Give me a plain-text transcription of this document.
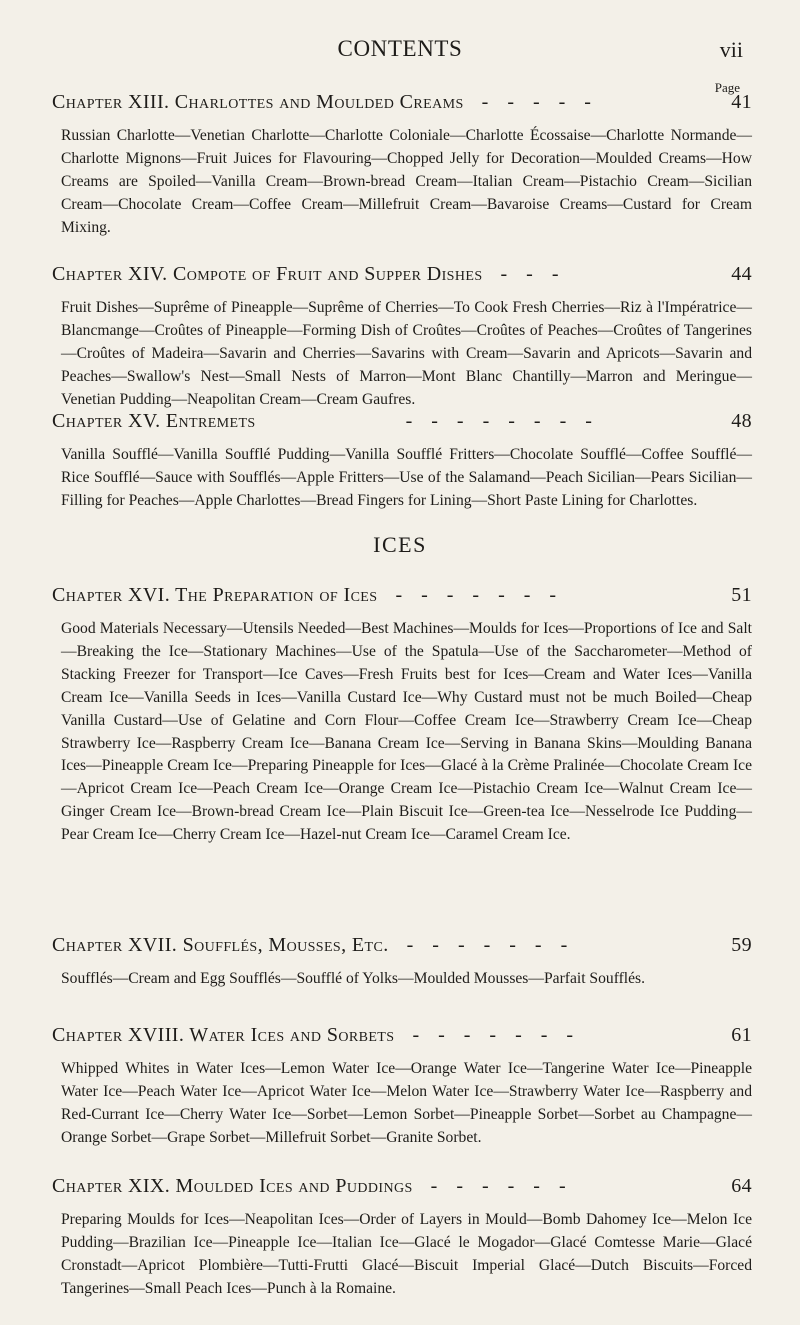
CONTENTS	vii
Page
Chapter XIII. Charlottes and Moulded Creams - - - - -	41
Russian Charlotte—Venetian Charlotte—Charlotte Coloniale—Charlotte Écossaise—Charlotte Normande—Charlotte Mignons—Fruit Juices for Flavouring—Chopped Jelly for Decoration—Moulded Creams—How Creams are Spoiled—Vanilla Cream—Brown-bread Cream—Italian Cream—Pistachio Cream—Sicilian Cream—Chocolate Cream—Coffee Cream—Millefruit Cream—Bavaroise Creams—Custard for Cream Mixing.
Chapter XIV. Compote of Fruit and Supper Dishes - - -	44
Fruit Dishes—Suprême of Pineapple—Suprême of Cherries—To Cook Fresh Cherries—Riz à l'Impératrice—Blancmange—Croûtes of Pineapple—Forming Dish of Croûtes—Croûtes of Peaches—Croûtes of Tangerines—Croûtes of Madeira—Savarin and Cherries—Savarins with Cream—Savarin and Apricots—Savarin and Peaches—Swallow's Nest—Small Nests of Marron—Mont Blanc Chantilly—Marron and Meringue—Venetian Pudding—Neapolitan Cream—Cream Gaufres.
Chapter XV. Entremets	- - - - - - - -	48
Vanilla Soufflé—Vanilla Soufflé Pudding—Vanilla Soufflé Fritters—Chocolate Soufflé—Coffee Soufflé—Rice Soufflé—Sauce with Soufflés—Apple Fritters—Use of the Salamand—Peach Sicilian—Pears Sicilian—Filling for Peaches—Apple Charlottes—Bread Fingers for Lining—Short Paste Lining for Charlottes.
ICES
Chapter XVI. The Preparation of Ices - - - - - - -	51
Good Materials Necessary—Utensils Needed—Best Machines—Moulds for Ices—Proportions of Ice and Salt—Breaking the Ice—Stationary Machines—Use of the Spatula—Use of the Saccharometer—Method of Stacking Freezer for Transport—Ice Caves—Fresh Fruits best for Ices—Cream and Water Ices—Vanilla Cream Ice—Vanilla Seeds in Ices—Vanilla Custard Ice—Why Custard must not be much Boiled—Cheap Vanilla Custard—Use of Gelatine and Corn Flour—Coffee Cream Ice—Strawberry Cream Ice—Cheap Strawberry Ice—Raspberry Cream Ice—Banana Cream Ice—Serving in Banana Skins—Moulding Banana Ices—Pineapple Cream Ice—Preparing Pineapple for Ices—Glacé à la Crème Pralinée—Chocolate Cream Ice—Apricot Cream Ice—Peach Cream Ice—Orange Cream Ice—Pistachio Cream Ice—Walnut Cream Ice—Ginger Cream Ice—Brown-bread Cream Ice—Plain Biscuit Ice—Green-tea Ice—Nesselrode Ice Pudding—Pear Cream Ice—Cherry Cream Ice—Hazel-nut Cream Ice—Caramel Cream Ice.
Chapter XVII. Soufflés, Mousses, Etc. - - - - - - -	59
Soufflés—Cream and Egg Soufflés—Soufflé of Yolks—Moulded Mousses—Parfait Soufflés.
Chapter XVIII. Water Ices and Sorbets - - - - - - -	61
Whipped Whites in Water Ices—Lemon Water Ice—Orange Water Ice—Tangerine Water Ice—Pineapple Water Ice—Peach Water Ice—Apricot Water Ice—Melon Water Ice—Strawberry Water Ice—Raspberry and Red-Currant Ice—Cherry Water Ice—Sorbet—Lemon Sorbet—Pineapple Sorbet—Sorbet au Champagne—Orange Sorbet—Grape Sorbet—Millefruit Sorbet—Granite Sorbet.
Chapter XIX. Moulded Ices and Puddings - - - - - -	64
Preparing Moulds for Ices—Neapolitan Ices—Order of Layers in Mould—Bomb Dahomey Ice—Melon Ice Pudding—Brazilian Ice—Pineapple Ice—Italian Ice—Glacé le Mogador—Glacé Comtesse Marie—Glacé Cronstadt—Apricot Plombière—Tutti-Frutti Glacé—Biscuit Imperial Glacé—Dutch Biscuits—Forced Tangerines—Small Peach Ices—Punch à la Romaine.
